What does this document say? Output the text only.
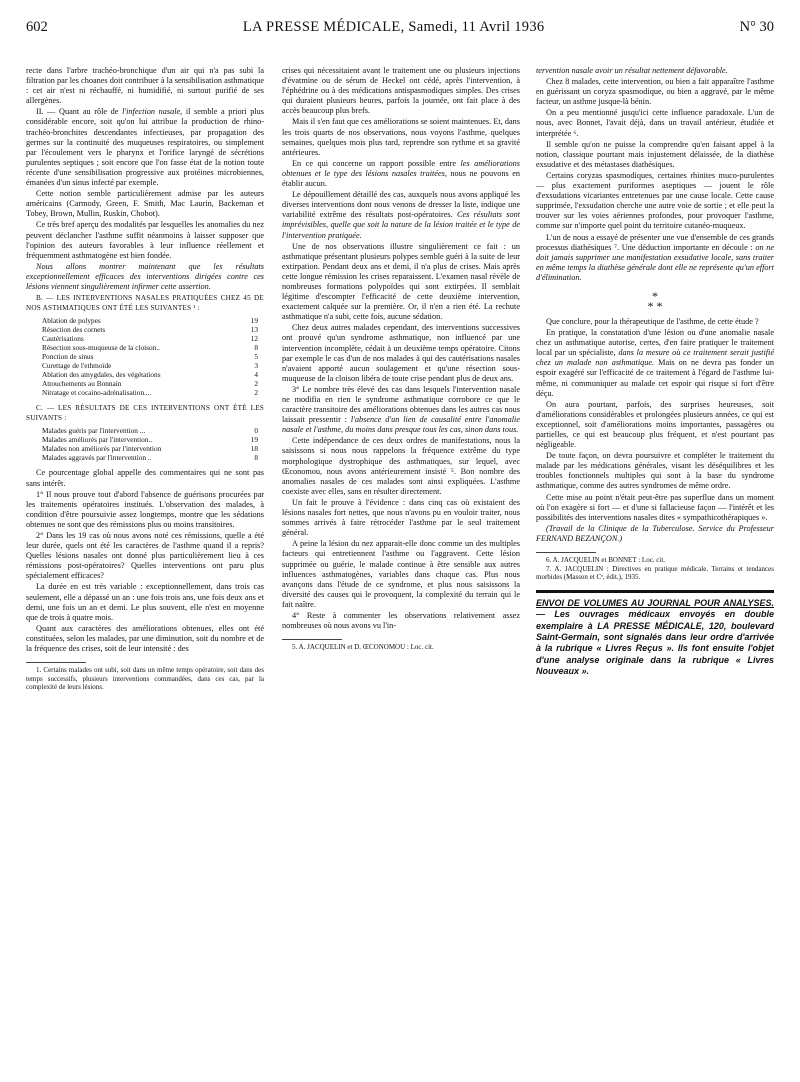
602	LA PRESSE MÉDICALE, Samedi, 11 Avril 1936	N° 30

recte dans l'arbre trachéo-bronchique d'un air qui n'a pas subi la filtration par les choanes doit contribuer à la sensibilisation asthmatique : cet air n'est ni réchauffé, ni humidifié, ni surtout purifié de ses allergènes.

II. — Quant au rôle de l'infection nasale, il semble a priori plus considérable encore, soit qu'on lui attribue la production de rhino-trachéo-bronchites descendantes infectieuses, par propagation des germes sur la continuité des muqueuses respiratoires, ou simplement par l'écoulement vers le pharynx et l'orifice laryngé de sécrétions purulentes septiques ; soit encore que l'on fasse état de la notion toute récente d'une sensibilisation progressive aux protéines microbiennes, émanées d'un sinus infecté par exemple.

Cette notion semble particulièrement admise par les auteurs américains (Carmody, Green, F. Smith, Mac Laurin, Backeman et Tobey, Brown, Mullin, Ruskin, Chobot).

Ce très bref aperçu des modalités par lesquelles les anomalies du nez peuvent déclancher l'asthme suffit néanmoins à laisser supposer que l'opinion des auteurs favorables à leur influence réellement et fréquemment asthmatogène est bien fondée.

Nous allons montrer maintenant que les résultats exceptionnellement efficaces des interventions dirigées contre ces lésions viennent singulièrement infirmer cette assertion.

B. — LES INTERVENTIONS NASALES PRATIQUÉES CHEZ 45 DE NOS ASTHMATIQUES ONT ÉTÉ LES SUIVANTES ¹ :

Ablation de polypes	19
Résection des cornets	13
Cautérisations	12
Résection sous-muqueuse de la cloison..	8
Ponction de sinus	5
Curettage de l'ethmoïde	3
Ablation des amygdales, des végétations	4
Attouchements au Bonnain	2
Nitratage et cocaino-adrénalisation....	2

C. — LES RÉSULTATS DE CES INTERVENTIONS ONT ÉTÉ LES SUIVANTS :

Malades guéris par l'intervention ...	0
Malades améliorés par l'intervention..	19
Malades non améliorés par l'intervention	18
Malades aggravés par l'intervention ..	8

Ce pourcentage global appelle des commentaires qui ne sont pas sans intérêt.

1° Il nous prouve tout d'abord l'absence de guérisons procurées par les traitements opératoires institués. L'observation des malades, à condition d'être poursuivie assez longtemps, montre que les sédations obtenues ne sont que des rémissions plus ou moins transitoires.

2° Dans les 19 cas où nous avons noté ces rémissions, quelle a été leur durée, quels ont été les caractères de l'asthme quand il a repris? Quelles lésions nasales ont donné plus particulièrement lieu à ces rémissions post-opératoires? Quelles interventions ont paru plus spécialement efficaces?

La durée en est très variable : exceptionnellement, dans trois cas seulement, elle a dépassé un an : une fois trois ans, une fois deux ans et demi, une fois un an et demi. Le plus souvent, elle n'est en moyenne que de trois à quatre mois.

Quant aux caractères des améliorations obtenues, elles ont été constituées, selon les malades, par une diminution, soit du nombre et de la fréquence des crises, soit de leur intensité : des

1. Certains malades ont subi, soit dans un même temps opératoire, soit dans des temps successifs, plusieurs interventions commandées, dans ces cas, par la complexité de leurs lésions.

crises qui nécessitaient avant le traitement une ou plusieurs injections d'évatmine ou de sérum de Heckel ont cédé, après l'intervention, à l'éphédrine ou à des médications antispasmodiques simples. Des crises qui duraient plusieurs heures, parfois la journée, ont fait place à des accès beaucoup plus brefs.

Mais il s'en faut que ces améliorations se soient maintenues. Et, dans les trois quarts de nos observations, nous voyons l'asthme, quelques semaines, quelques mois plus tard, reprendre son rythme et sa gravité antérieures.

En ce qui concerne un rapport possible entre les améliorations obtenues et le type des lésions nasales traitées, nous ne pouvons en établir aucun.

Le dépouillement détaillé des cas, auxquels nous avons appliqué les diverses interventions dont nous venons de dresser la liste, indique une variabilité extrême des résultats post-opératoires. Ces résultats sont imprévisibles, quelle que soit la nature de la lésion traitée et le type de l'intervention pratiquée.

Une de nos observations illustre singulièrement ce fait : un asthmatique présentant plusieurs polypes semble guéri à la suite de leur extirpation. Pendant deux ans et demi, il n'a plus de crises. Mais après cette longue rémission les crises reparaissent. L'examen nasal révèle de nombreuses formations polypoïdes qui sont extirpées. Il semblait légitime d'escompter l'efficacité de cette deuxième intervention, exactement calquée sur la première. Or, il n'en a rien été. La rechute asthmatique n'a subi, cette fois, aucune sédation.

Chez deux autres malades cependant, des interventions successives ont prouvé qu'un syndrome asthmatique, non influencé par une intervention incomplète, cédait à un deuxième temps opératoire. Citons par exemple le cas d'un de nos malades à qui des cautérisations nasales n'avaient apporté aucun soulagement et qu'une résection sous-muqueuse de la cloison libéra de toute crise pendant plus de deux ans.

3° Le nombre très élevé des cas dans lesquels l'intervention nasale ne modifia en rien le syndrome asthmatique corrobore ce que le caractère transitoire des améliorations obtenues dans les autres cas nous laissait pressentir : l'absence d'un lien de causalité entre l'anomalie nasale et l'asthme, du moins dans presque tous les cas, sinon dans tous.

Cette indépendance de ces deux ordres de manifestations, nous la saisissons si nous nous rappelons la fréquence extrême du type morphologique dystrophique des asthmatiques, sur lequel, avec Œconomou, nous avons antérieurement insisté ⁵. Bon nombre des anomalies nasales de ces malades sont ainsi expliquées. L'asthme coexiste avec elles, sans en résulter directement.

Un fait le prouve à l'évidence : dans cinq cas où existaient des lésions nasales fort nettes, que nous n'avons pu en vouloir traiter, nous sommes arrivés à faire rétrocéder l'asthme par le seul traitement général.

A peine la lésion du nez apparait-elle donc comme un des multiples facteurs qui entretiennent l'asthme ou l'aggravent. Cette lésion supprimée ou guérie, le malade continue à être sensible aux autres influences asthmatogènes, variables dans chaque cas. Plus nous avançons dans l'étude de ce syndrome, et plus nous saisissons la diversité des causes qui le provoquent, la complexité du terrain qui le fait naître.

4° Reste à commenter les observations relativement assez nombreuses où nous avons vu l'in-

5. A. JACQUELIN et D. ŒCONOMOU : Loc. cit.

tervention nasale avoir un résultat nettement défavorable.

Chez 8 malades, cette intervention, ou bien a fait apparaître l'asthme en guérissant un coryza spasmodique, ou bien a aggravé, par le même facteur, un asthme jusque-là bénin.

On a peu mentionné jusqu'ici cette influence paradoxale. L'un de nous, avec Bonnet, l'avait déjà, dans un travail antérieur, étudiée et interprétée ⁶.

Il semble qu'on ne puisse la comprendre qu'en faisant appel à la notion, classique pourtant mais injustement délaissée, de la diathèse exsudative et des métastases diathésiques.

Certains coryzas spasmodiques, certaines rhinites muco-purulentes — plus exactement puriformes aseptiques — jouent le rôle d'exsudations vicariantes entretenues par une cause locale. Cette cause supprimée, l'exsudation cherche une autre voie de sortie ; et elle peut la trouver sur les voies aériennes profondes, pour provoquer l'asthme, comme sur n'importe quel point du territoire cutanéo-muqueux.

L'un de nous a essayé de présenter une vue d'ensemble de ces grands processus diathésiques ⁷. Une déduction importante en découle : on ne doit jamais supprimer une manifestation exsudative locale, sans traiter en même temps la diathèse générale dont elle ne représente qu'un effort d'élimination.

*
* *

Que conclure, pour la thérapeutique de l'asthme, de cette étude ?

En pratique, la constatation d'une lésion ou d'une anomalie nasale chez un asthmatique autorise, certes, d'en faire pratiquer le traitement local par un spécialiste, dans la mesure où ce traitement serait justifié chez un malade non asthmatique. Mais on ne devra pas fonder un espoir exagéré sur l'efficacité de ce traitement à l'égard de l'asthme lui-même, ni communiquer au malade cet espoir qui risque si fort d'être déçu.

On aura pourtant, parfois, des surprises heureuses, soit d'améliorations considérables et prolongées plusieurs années, ce qui est exceptionnel, soit d'améliorations moins importantes, passagères ou partielles, ce qui est beaucoup plus fréquent, et n'est pourtant pas négligeable.

De toute façon, on devra poursuivre et compléter le traitement du malade par les médications générales, visant les déséquilibres et les troubles fonctionnels multiples qui sont à la base du syndrome asthmatique, comme des autres syndromes de même ordre.

Cette mise au point n'était peut-être pas superflue dans un moment où l'on exagère si fort — et d'une si fallacieuse façon — l'intérêt et les possibilités des interventions nasales dites « sympathicothérapiques ».

(Travail de la Clinique de la Tuberculose. Service du Professeur FERNAND BEZANÇON.)

6. A. JACQUELIN et BONNET : Loc. cit.

7. A. JACQUELIN : Directives en pratique médicale. Terrains et tendances morbides (Masson et Cᵉ, édit.), 1935.

ENVOI DE VOLUMES AU JOURNAL POUR ANALYSES. — Les ouvrages médicaux envoyés en double exemplaire à LA PRESSE MÉDICALE, 120, boulevard Saint-Germain, sont signalés dans leur ordre d'arrivée à la rubrique « Livres Reçus ». Ils font ensuite l'objet d'une analyse originale dans la rubrique « Livres Nouveaux ».
